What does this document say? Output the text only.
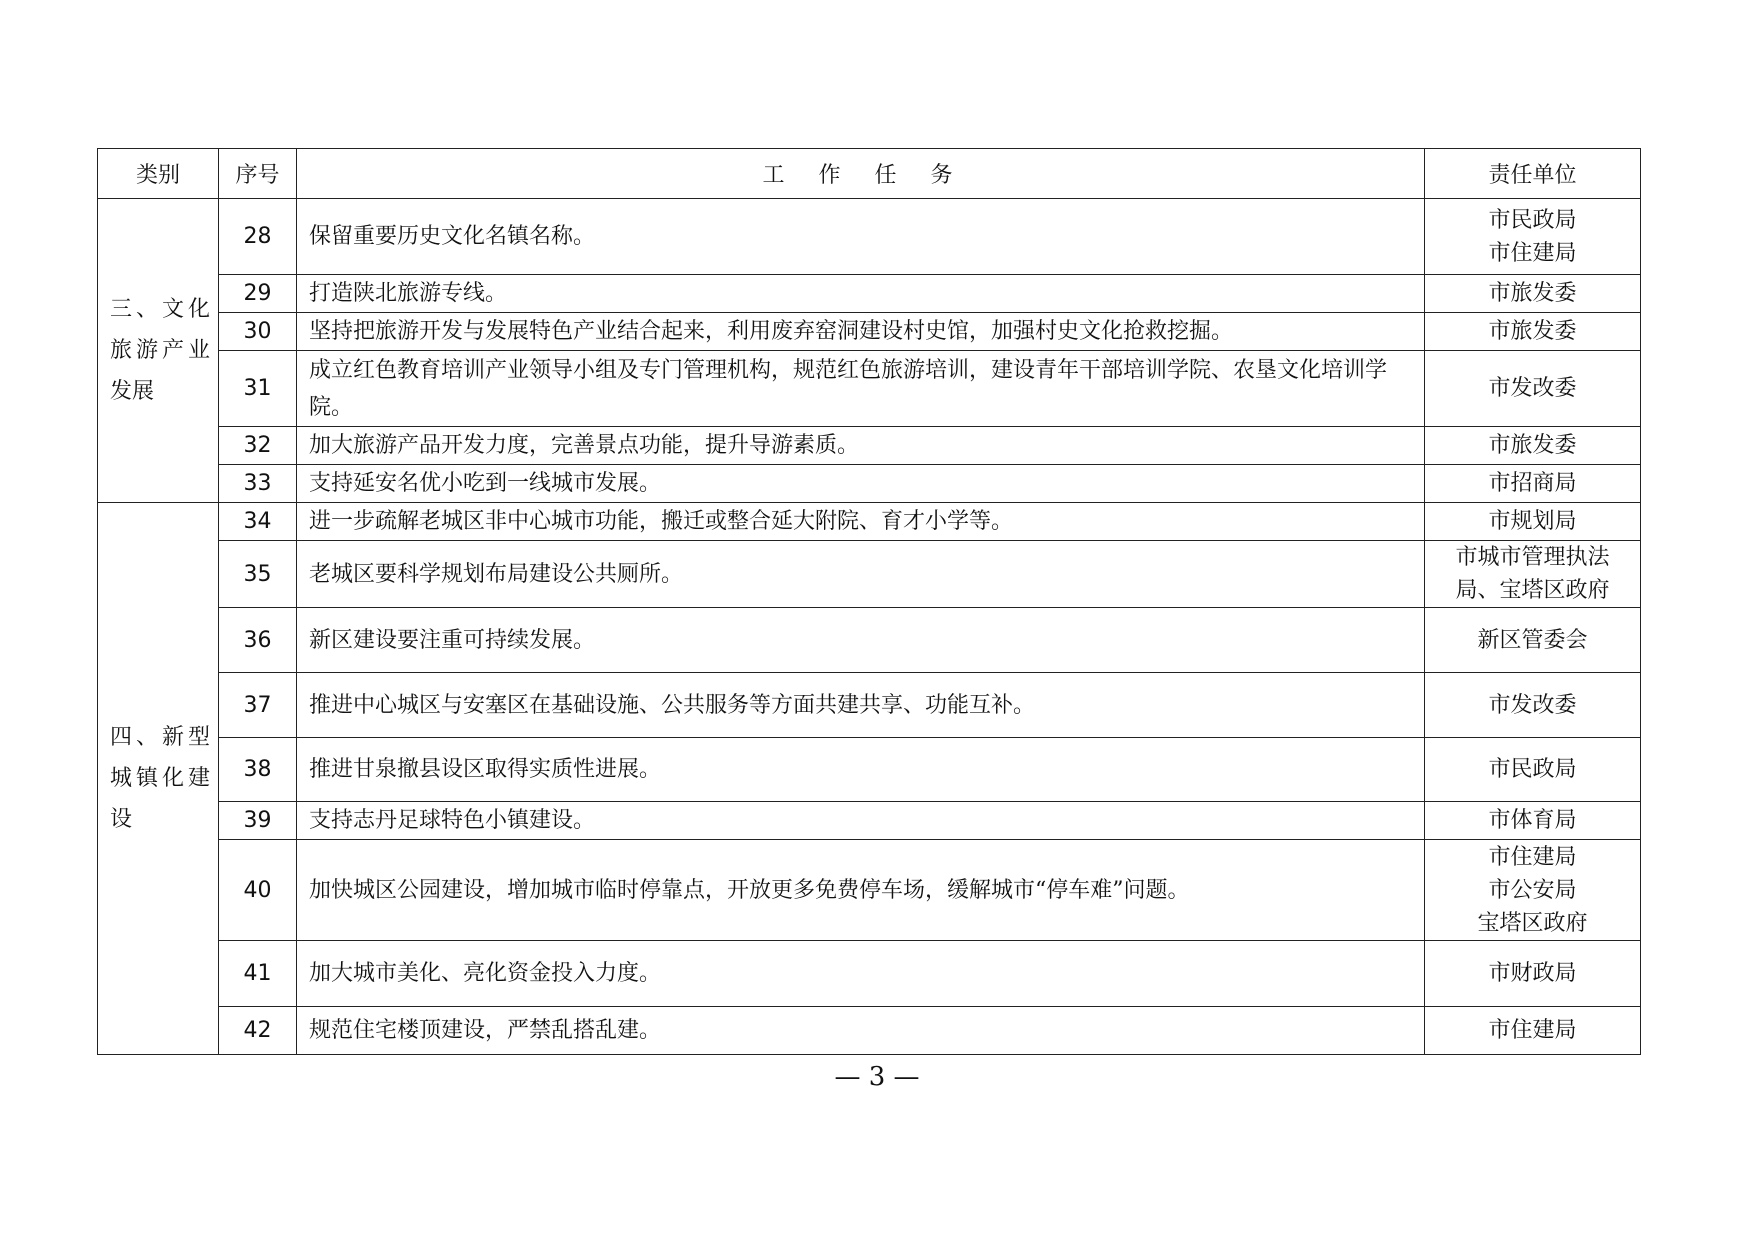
类别	序号	工　作　任　务	责任单位
三、文化旅游产业发展	28	保留重要历史文化名镇名称。	市民政局
市住建局

	29	打造陕北旅游专线。	市旅发委

	30	坚持把旅游开发与发展特色产业结合起来，利用废弃窑洞建设村史馆，加强村史文化抢救挖掘。	市旅发委

	31	成立红色教育培训产业领导小组及专门管理机构，规范红色旅游培训，建设青年干部培训学院、农垦文化培训学院。	市发改委

	32	加大旅游产品开发力度，完善景点功能，提升导游素质。	市旅发委

	33	支持延安名优小吃到一线城市发展。	市招商局

四、新型城镇化建设	34	进一步疏解老城区非中心城市功能，搬迁或整合延大附院、育才小学等。	市规划局

	35	老城区要科学规划布局建设公共厕所。	市城市管理执法
局、宝塔区政府

	36	新区建设要注重可持续发展。	新区管委会

	37	推进中心城区与安塞区在基础设施、公共服务等方面共建共享、功能互补。	市发改委

	38	推进甘泉撤县设区取得实质性进展。	市民政局

	39	支持志丹足球特色小镇建设。	市体育局

	40	加快城区公园建设，增加城市临时停靠点，开放更多免费停车场，缓解城市“停车难”问题。	市住建局
市公安局
宝塔区政府

	41	加大城市美化、亮化资金投入力度。	市财政局

	42	规范住宅楼顶建设，严禁乱搭乱建。	市住建局
— 3 —
